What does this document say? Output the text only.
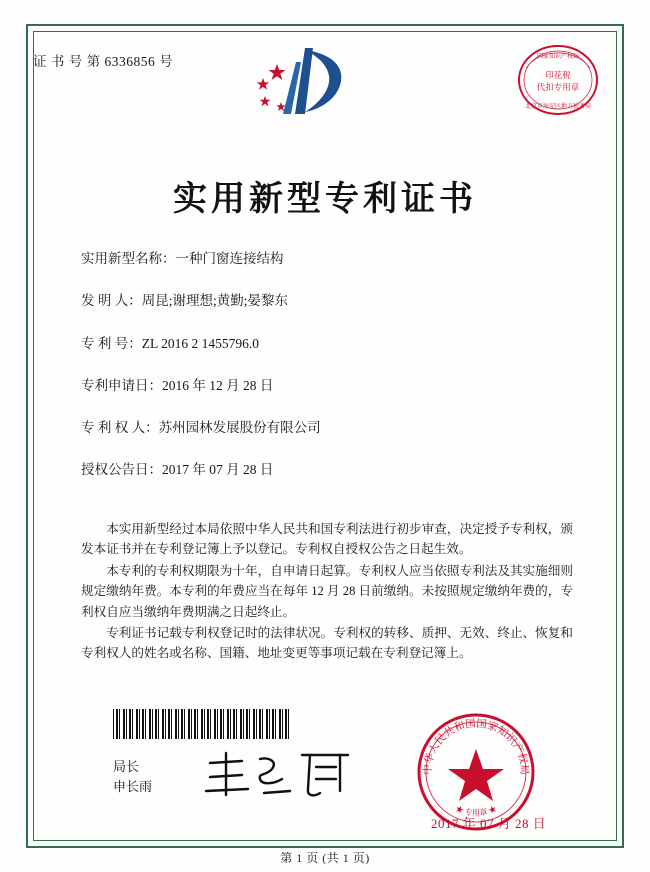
证 书 号 第 6336856 号
印花税
代扣专用章
国家知识产权局
北京市海淀区地方税务局
实用新型专利证书
实用新型名称：一种门窗连接结构
发 明 人：周昆;谢理想;黄勤;晏黎东
专 利 号：ZL 2016 2 1455796.0
专利申请日：2016 年 12 月 28 日
专 利 权 人：苏州园林发展股份有限公司
授权公告日：2017 年 07 月 28 日

本实用新型经过本局依照中华人民共和国专利法进行初步审查，决定授予专利权，颁发本证书并在专利登记簿上予以登记。专利权自授权公告之日起生效。

本专利的专利权期限为十年，自申请日起算。专利权人应当依照专利法及其实施细则规定缴纳年费。本专利的年费应当在每年 12 月 28 日前缴纳。未按照规定缴纳年费的，专利权自应当缴纳年费期满之日起终止。

专利证书记载专利权登记时的法律状况。专利权的转移、质押、无效、终止、恢复和专利权人的姓名或名称、国籍、地址变更等事项记载在专利登记簿上。

局长
申长雨
中华人民共和国国家知识产权局
★ 专用章 ★
2017 年 07 月 28 日
第 1 页 (共 1 页)
